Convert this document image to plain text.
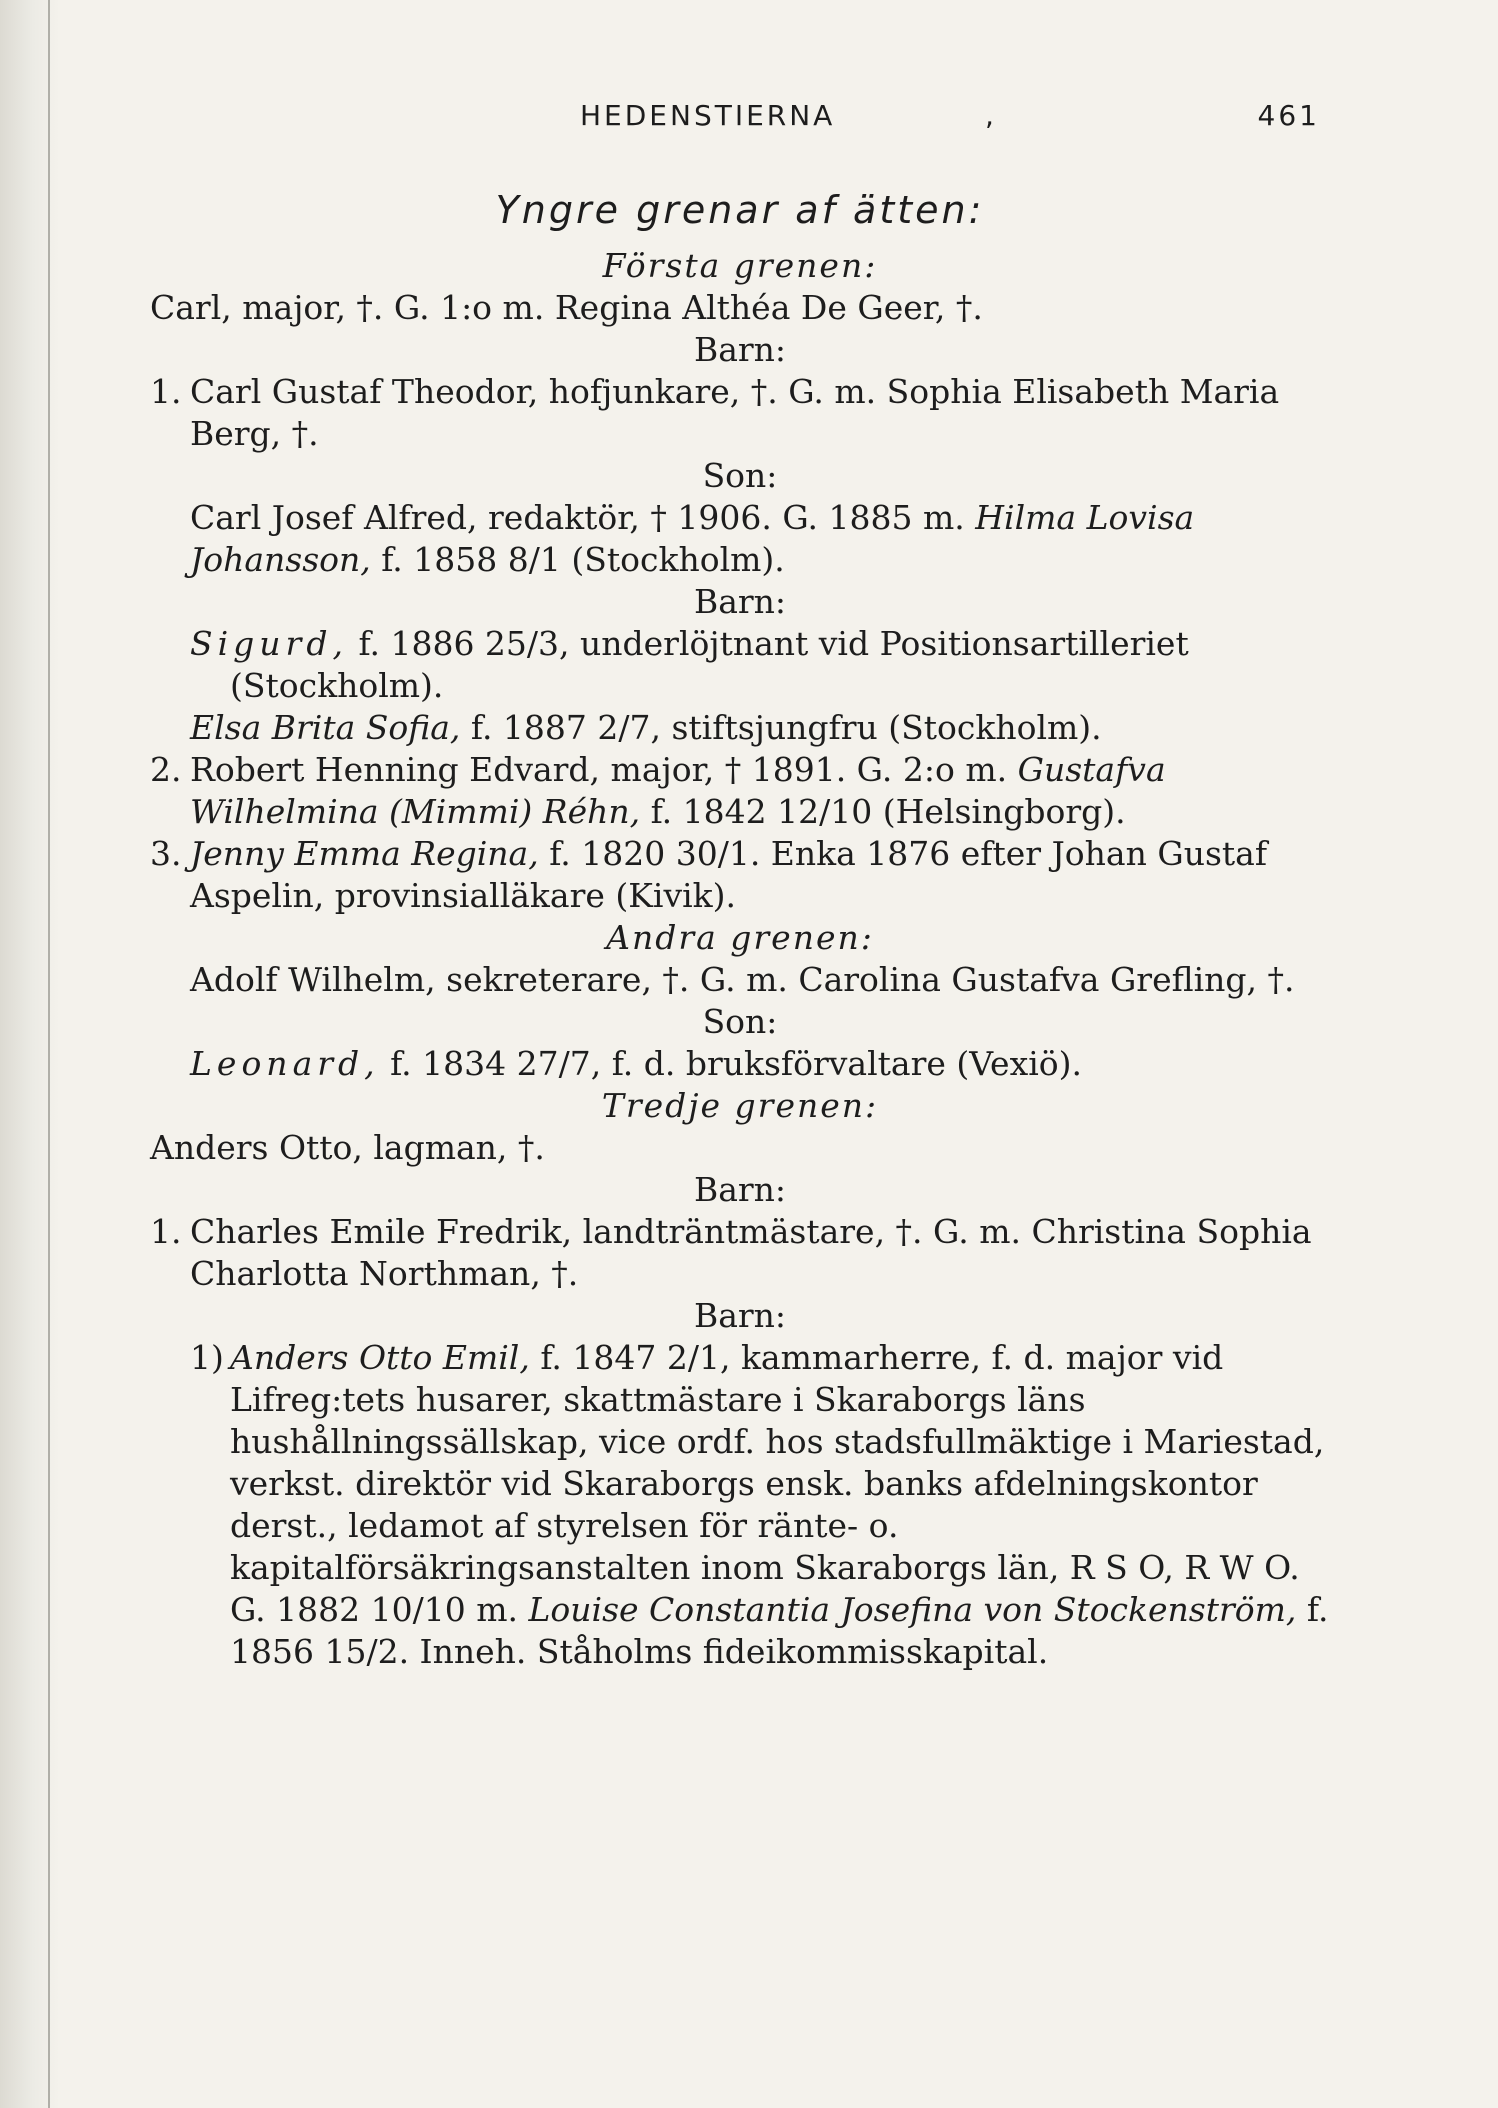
HEDENSTIERNA	,	461
Yngre grenar af ätten:
Första grenen:

Carl, major, †. G. 1:o m. Regina Althéa De Geer, †.

Barn:
1. Carl Gustaf Theodor, hofjunkare, †. G. m. Sophia Elisabeth Maria Berg, †.
Son:
Carl Josef Alfred, redaktör, † 1906. G. 1885 m. Hilma Lovisa Johansson, f. 1858 8/1 (Stockholm).
Barn:
Sigurd, f. 1886 25/3, underlöjtnant vid Positionsartilleriet (Stockholm).
Elsa Brita Sofia, f. 1887 2/7, stiftsjungfru (Stockholm).
2. Robert Henning Edvard, major, † 1891. G. 2:o m. Gustafva Wilhelmina (Mimmi) Réhn, f. 1842 12/10 (Helsingborg).
3. Jenny Emma Regina, f. 1820 30/1. Enka 1876 efter Johan Gustaf Aspelin, provinsialläkare (Kivik).
Andra grenen:
Adolf Wilhelm, sekreterare, †. G. m. Carolina Gustafva Grefling, †.
Son:
Leonard, f. 1834 27/7, f. d. bruksförvaltare (Vexiö).
Tredje grenen:
Anders Otto, lagman, †.
Barn:
1. Charles Emile Fredrik, landträntmästare, †. G. m. Christina Sophia Charlotta Northman, †.
Barn:
1) Anders Otto Emil, f. 1847 2/1, kammarherre, f. d. major vid Lifreg:tets husarer, skattmästare i Skaraborgs läns hushållningssällskap, vice ordf. hos stadsfullmäktige i Mariestad, verkst. direktör vid Skaraborgs ensk. banks afdelningskontor derst., ledamot af styrelsen för ränte- o. kapitalförsäkringsanstalten inom Skaraborgs län, R S O, R W O. G. 1882 10/10 m. Louise Constantia Josefina von Stockenström, f. 1856 15/2. Inneh. Ståholms fideikommisskapital.
